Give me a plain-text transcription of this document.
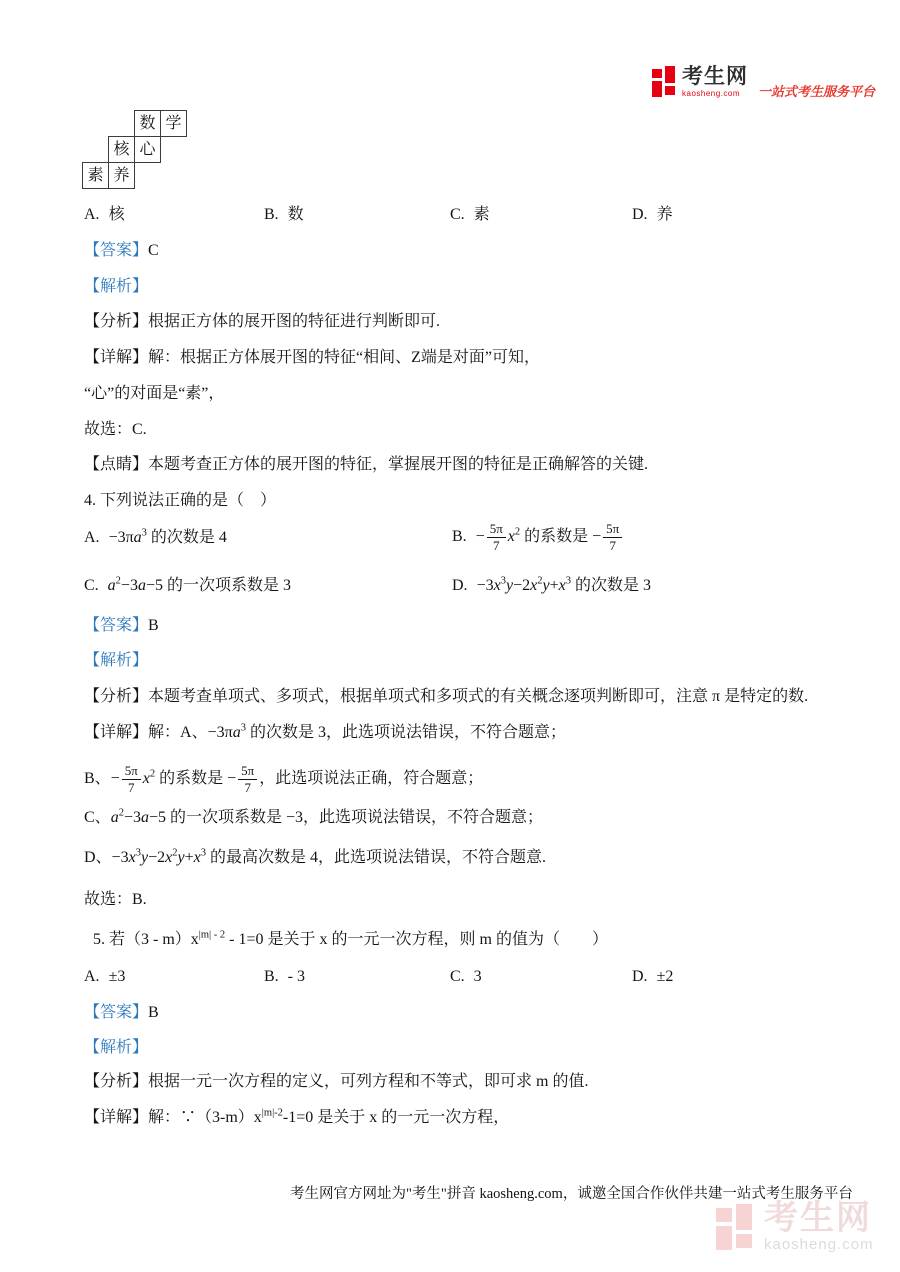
考生网
kaosheng.com	一站式考生服务平台
数 学
核 心
素 养
A. 核	B. 数	C. 素	D. 养
【答案】C
【解析】
【分析】根据正方体的展开图的特征进行判断即可.
【详解】解：根据正方体展开图的特征“相间、Z端是对面”可知，
“心”的对面是“素”，
故选：C.
【点睛】本题考查正方体的展开图的特征，掌握展开图的特征是正确解答的关键.
4. 下列说法正确的是（　）
A. $-3\pi a^3$ 的次数是 4	B. − $\frac{5\pi}{7} x^2$ 的系数是 − $\frac{5\pi}{7}$
C. $a^2-3a-5$ 的一次项系数是 3	D. $-3x^3y-2x^2y+x^3$ 的次数是 3
【答案】B
【解析】
【分析】本题考查单项式、多项式，根据单项式和多项式的有关概念逐项判断即可，注意 π 是特定的数.
【详解】解：A、$-3\pi a^3$ 的次数是 3，此选项说法错误，不符合题意；
B、− $\frac{5\pi}{7} x^2$ 的系数是 − $\frac{5\pi}{7}$ ，此选项说法正确，符合题意；
C、$a^2-3a-5$ 的一次项系数是 −3，此选项说法错误，不符合题意；
D、$-3x^3y-2x^2y+x^3$ 的最高次数是 4，此选项说法错误，不符合题意.
故选：B.
5. 若$(3 - m)x^{|m| - 2} - 1=0$ 是关于 x 的一元一次方程，则 m 的值为（　　）
A. ±3	B. - 3	C. 3	D. ±2
【答案】B
【解析】
【分析】根据一元一次方程的定义，可列方程和不等式，即可求 m 的值.
【详解】解：$\because(3-m)x^{|m|-2}-1=0$ 是关于 x 的一元一次方程，
考生网官方网址为"考生"拼音 kaosheng.com，诚邀全国合作伙伴共建一站式考生服务平台
考生网
kaosheng.com
